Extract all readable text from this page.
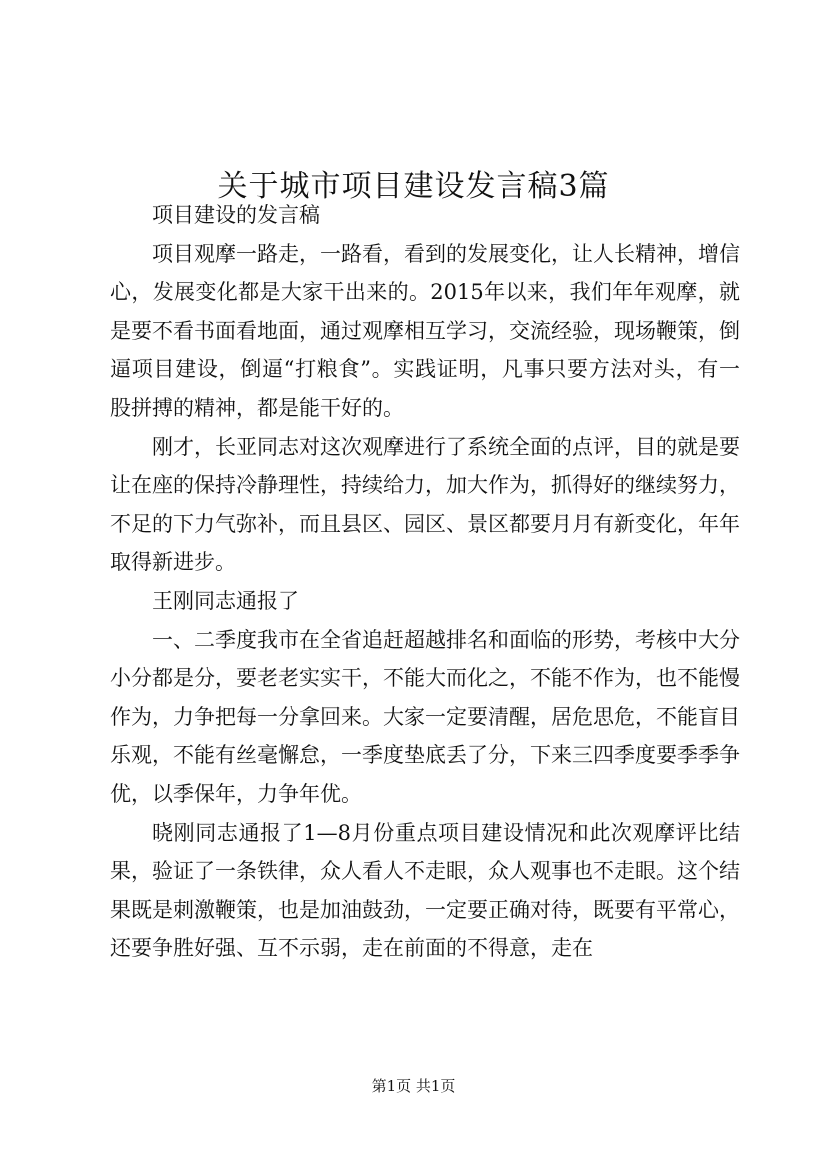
关于城市项目建设发言稿3篇

项目建设的发言稿

项目观摩一路走，一路看，看到的发展变化，让人长精神，增信心，发展变化都是大家干出来的。2015年以来，我们年年观摩，就是要不看书面看地面，通过观摩相互学习，交流经验，现场鞭策，倒逼项目建设，倒逼“打粮食”。实践证明，凡事只要方法对头，有一股拼搏的精神，都是能干好的。

刚才，长亚同志对这次观摩进行了系统全面的点评，目的就是要让在座的保持冷静理性，持续给力，加大作为，抓得好的继续努力，不足的下力气弥补，而且县区、园区、景区都要月月有新变化，年年取得新进步。

王刚同志通报了

一、二季度我市在全省追赶超越排名和面临的形势，考核中大分小分都是分，要老老实实干，不能大而化之，不能不作为，也不能慢作为，力争把每一分拿回来。大家一定要清醒，居危思危，不能盲目乐观，不能有丝毫懈怠，一季度垫底丢了分，下来三四季度要季季争优，以季保年，力争年优。

晓刚同志通报了1—8月份重点项目建设情况和此次观摩评比结果，验证了一条铁律，众人看人不走眼，众人观事也不走眼。这个结果既是刺激鞭策，也是加油鼓劲，一定要正确对待，既要有平常心，还要争胜好强、互不示弱，走在前面的不得意，走在

第1页 共1页
